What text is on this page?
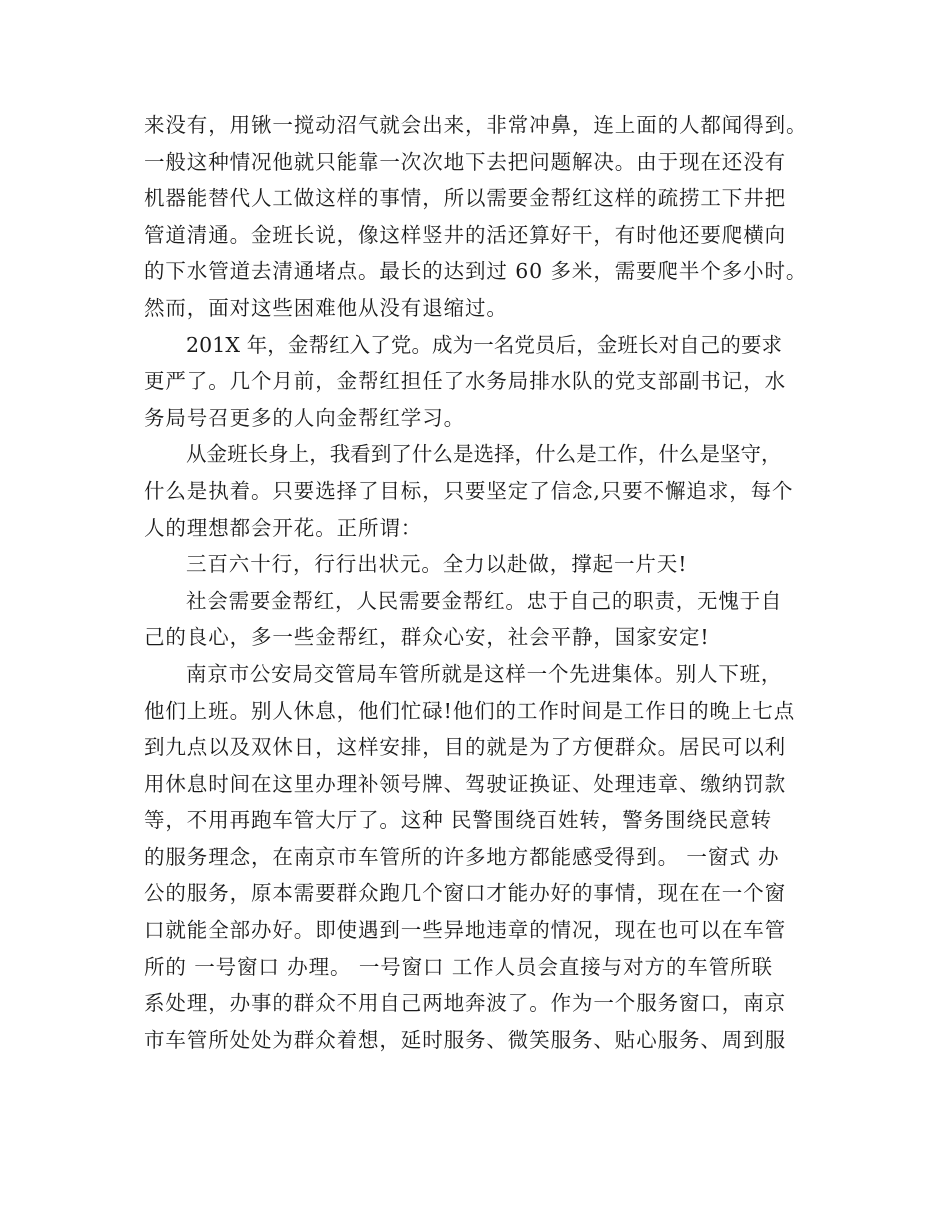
来没有，用锹一搅动沼气就会出来，非常冲鼻，连上面的人都闻得到。
一般这种情况他就只能靠一次次地下去把问题解决。由于现在还没有
机器能替代人工做这样的事情，所以需要金帮红这样的疏捞工下井把
管道清通。金班长说，像这样竖井的活还算好干，有时他还要爬横向
的下水管道去清通堵点。最长的达到过 60 多米，需要爬半个多小时。
然而，面对这些困难他从没有退缩过。
201X 年，金帮红入了党。成为一名党员后，金班长对自己的要求
更严了。几个月前，金帮红担任了水务局排水队的党支部副书记，水
务局号召更多的人向金帮红学习。
从金班长身上，我看到了什么是选择，什么是工作，什么是坚守，
什么是执着。只要选择了目标，只要坚定了信念,只要不懈追求，每个
人的理想都会开花。正所谓：
三百六十行，行行出状元。全力以赴做，撑起一片天!
社会需要金帮红，人民需要金帮红。忠于自己的职责，无愧于自
己的良心，多一些金帮红，群众心安，社会平静，国家安定!
南京市公安局交管局车管所就是这样一个先进集体。别人下班，
他们上班。别人休息，他们忙碌!他们的工作时间是工作日的晚上七点
到九点以及双休日，这样安排，目的就是为了方便群众。居民可以利
用休息时间在这里办理补领号牌、驾驶证换证、处理违章、缴纳罚款
等，不用再跑车管大厅了。这种 民警围绕百姓转，警务围绕民意转
的服务理念，在南京市车管所的许多地方都能感受得到。 一窗式 办
公的服务，原本需要群众跑几个窗口才能办好的事情，现在在一个窗
口就能全部办好。即使遇到一些异地违章的情况，现在也可以在车管
所的 一号窗口 办理。 一号窗口 工作人员会直接与对方的车管所联
系处理，办事的群众不用自己两地奔波了。作为一个服务窗口，南京
市车管所处处为群众着想，延时服务、微笑服务、贴心服务、周到服
